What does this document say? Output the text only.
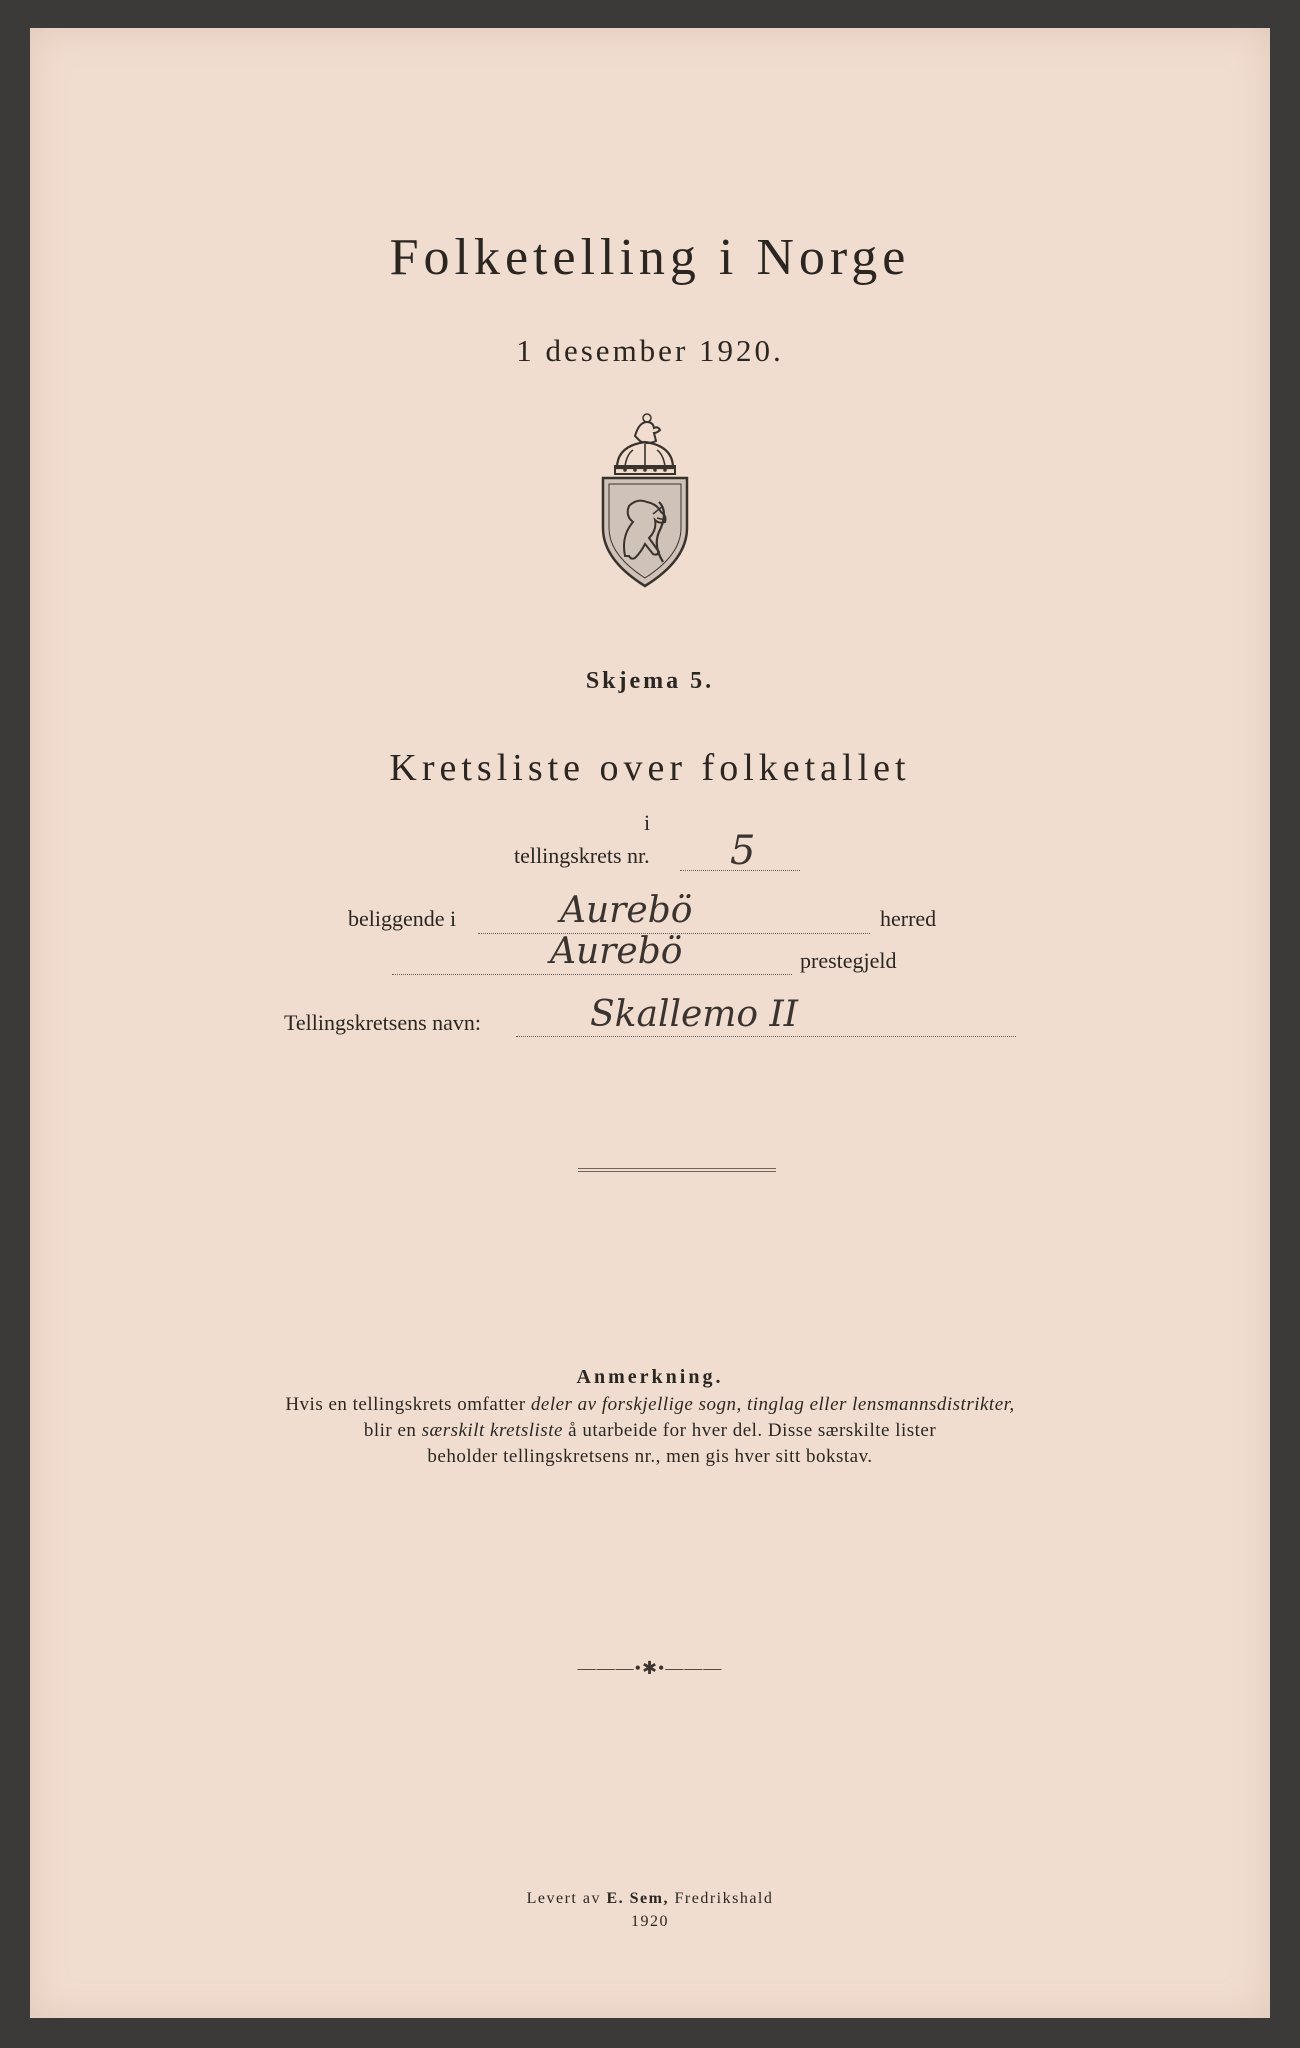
Folketelling i Norge
1 desember 1920.
Skjema 5.
Kretsliste over folketallet
i
tellingskrets nr. 5
beliggende i	Aurebö	herred
Aurebö	prestegjeld
Tellingskretsens navn:	Skallemo II
Anmerkning.
Hvis en tellingskrets omfatter deler av forskjellige sogn, tinglag eller lensmannsdistrikter,
blir en særskilt kretsliste å utarbeide for hver del. Disse særskilte lister
beholder tellingskretsens nr., men gis hver sitt bokstav.
———•✱•———
Levert av E. Sem, Fredrikshald
1920
